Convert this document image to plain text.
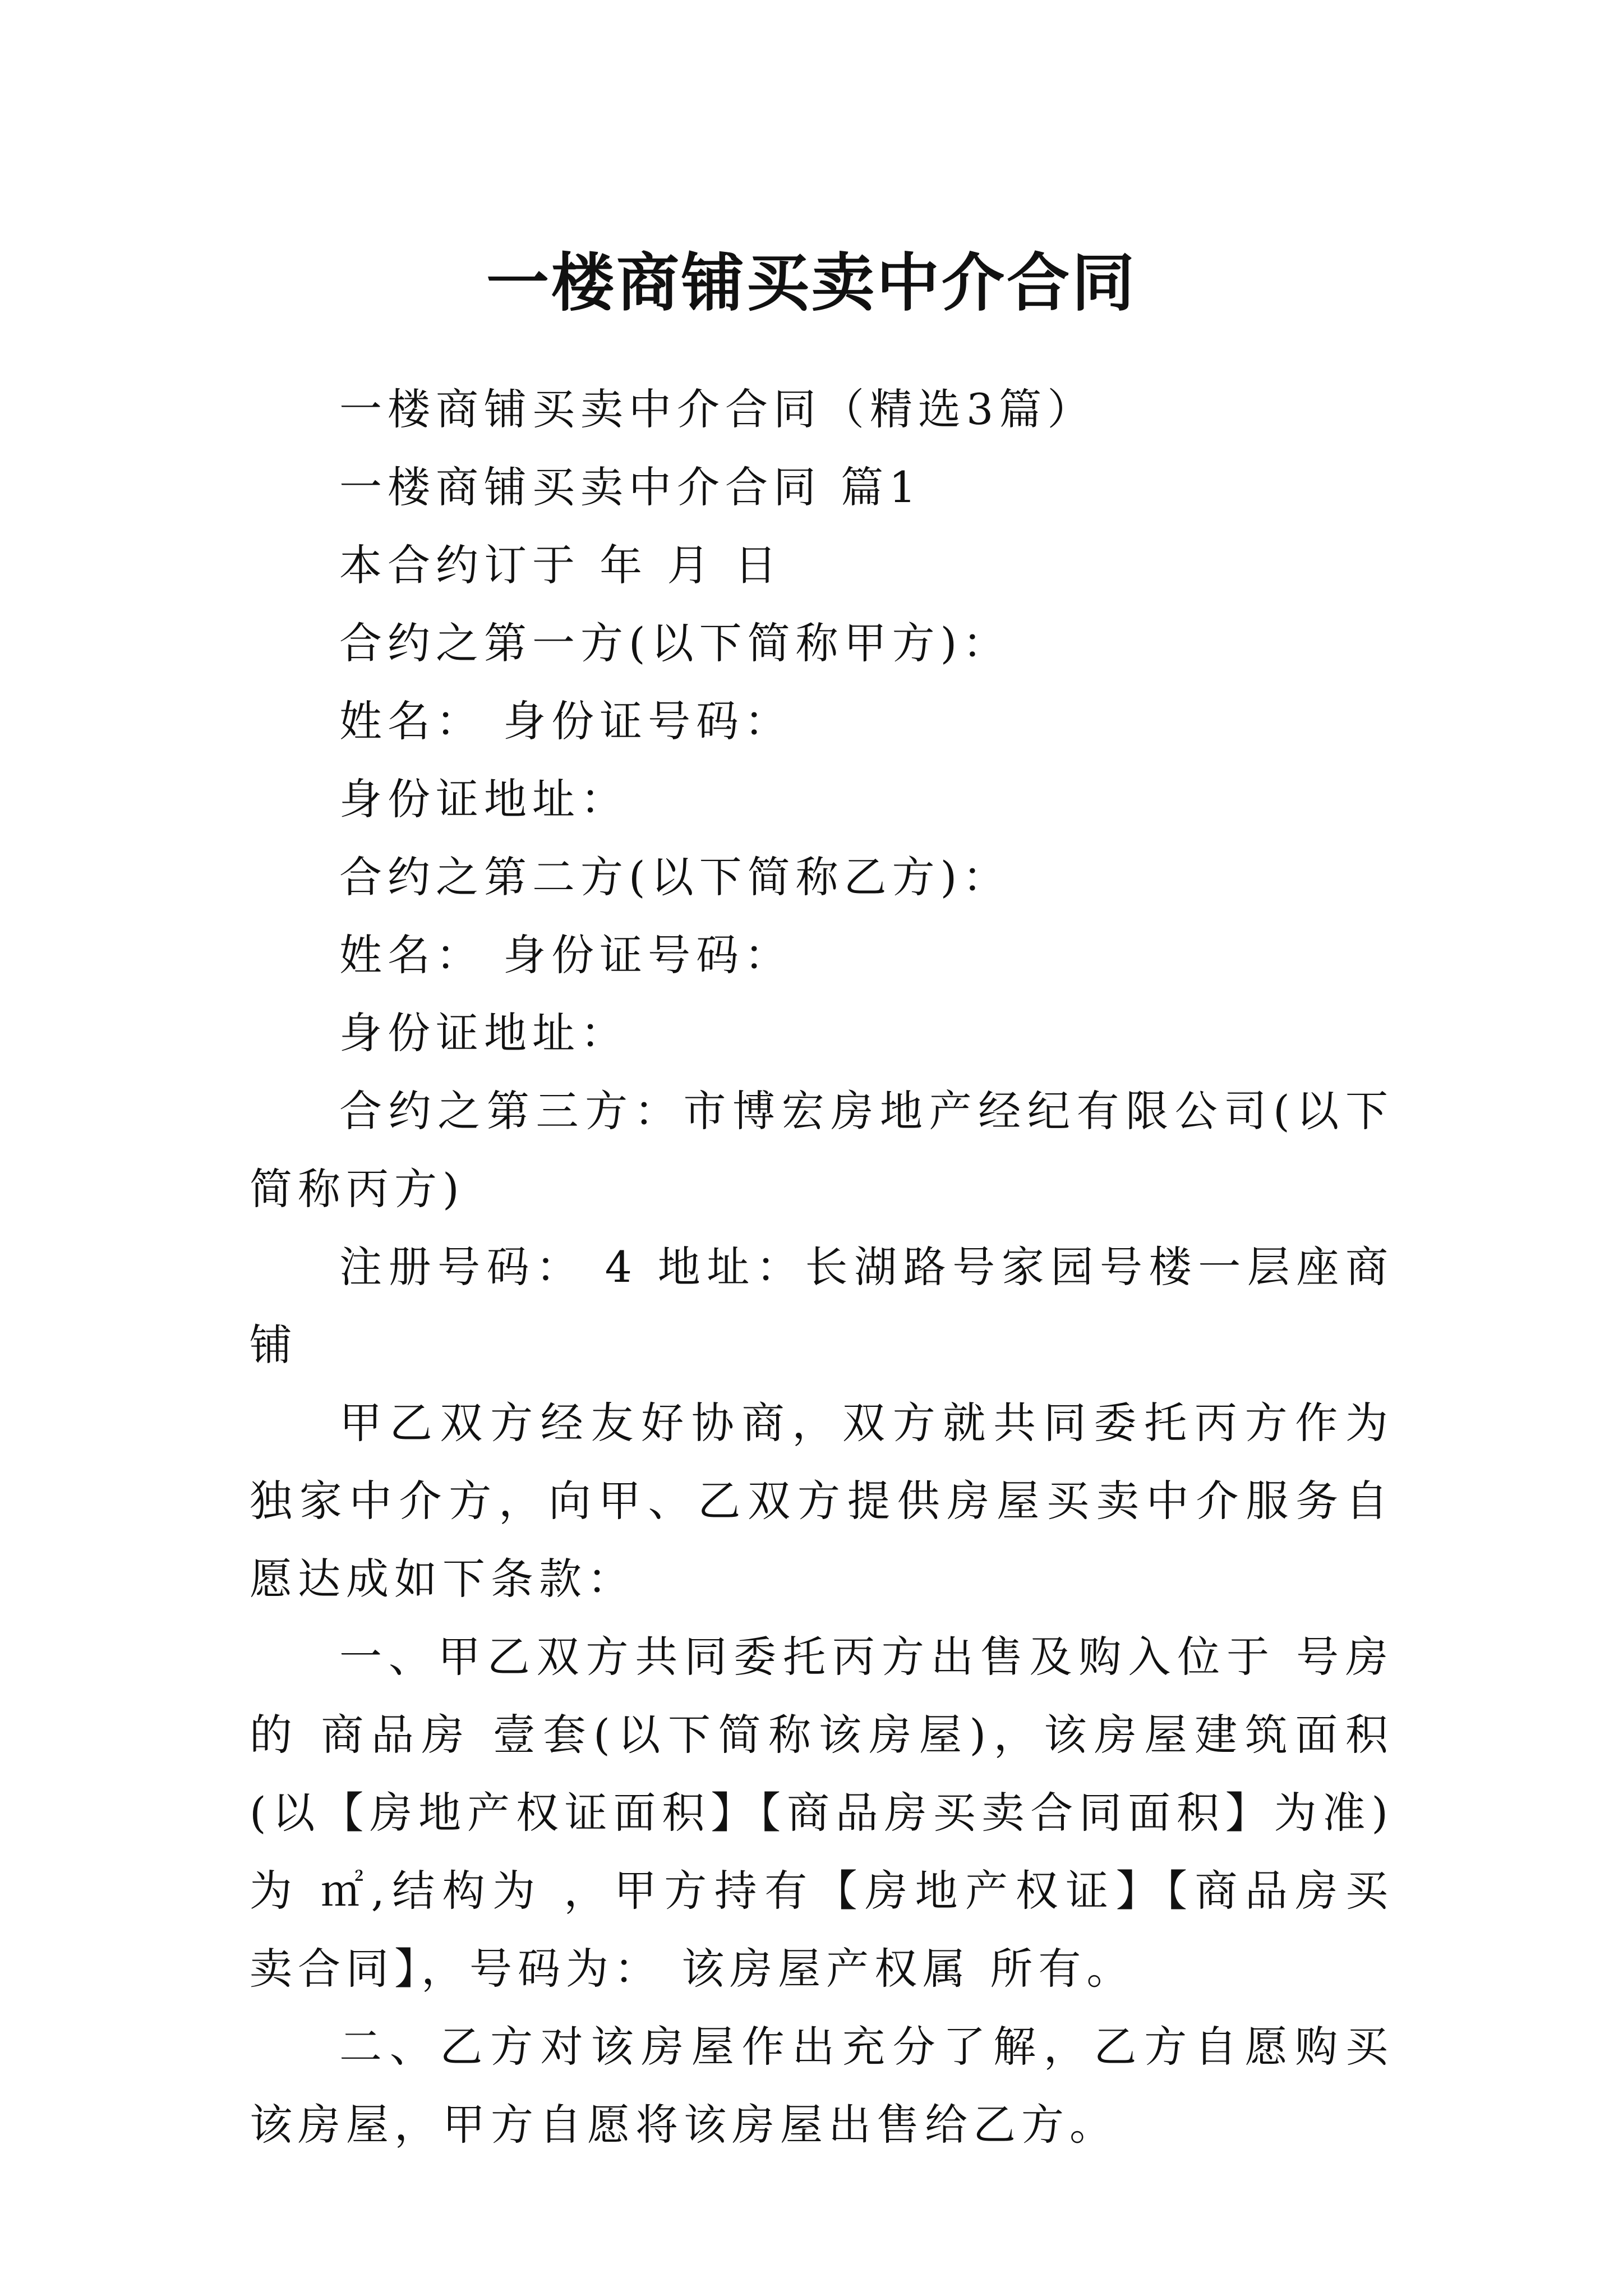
一楼商铺买卖中介合同

一楼商铺买卖中介合同（精选3篇）

一楼商铺买卖中介合同 篇1

本合约订于 年 月 日

合约之第一方(以下简称甲方)：

姓名： 身份证号码：

身份证地址：

合约之第二方(以下简称乙方)：

姓名： 身份证号码：

身份证地址：

合约之第三方：市博宏房地产经纪有限公司(以下简称丙方)

注册号码： 4 地址：长湖路号家园号楼一层座商铺

甲乙双方经友好协商，双方就共同委托丙方作为独家中介方，向甲、乙双方提供房屋买卖中介服务自愿达成如下条款：

一、甲乙双方共同委托丙方出售及购入位于 号房的 商品房 壹套(以下简称该房屋)，该房屋建筑面积(以【房地产权证面积】【商品房买卖合同面积】为准)为 ㎡,结构为 ，甲方持有【房地产权证】【商品房买卖合同】，号码为： 该房屋产权属 所有。

二、乙方对该房屋作出充分了解，乙方自愿购买该房屋，甲方自愿将该房屋出售给乙方。
